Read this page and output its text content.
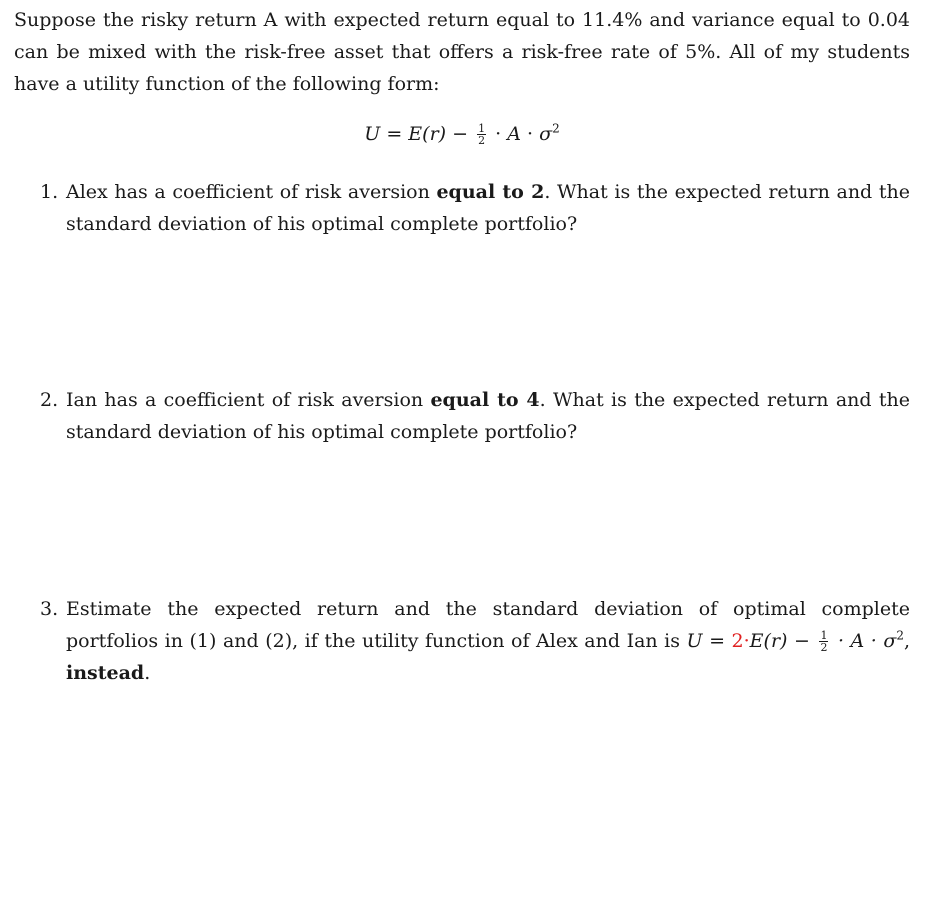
Suppose the risky return A with expected return equal to 11.4% and variance equal to 0.04 can be mixed with the risk-free asset that offers a risk-free rate of 5%. All of my students have a utility function of the following form:

$U = E(r) - \frac{1}{2} \cdot A \cdot \sigma^2$
1. Alex has a coefficient of risk aversion equal to 2. What is the expected return and the standard deviation of his optimal complete portfolio?
2. Ian has a coefficient of risk aversion equal to 4. What is the expected return and the standard deviation of his optimal complete portfolio?
3. Estimate the expected return and the standard deviation of optimal complete portfolios in (1) and (2), if the utility function of Alex and Ian is $U = 2\cdot E(r) - \frac{1}{2} \cdot A \cdot \sigma^2$, instead.
